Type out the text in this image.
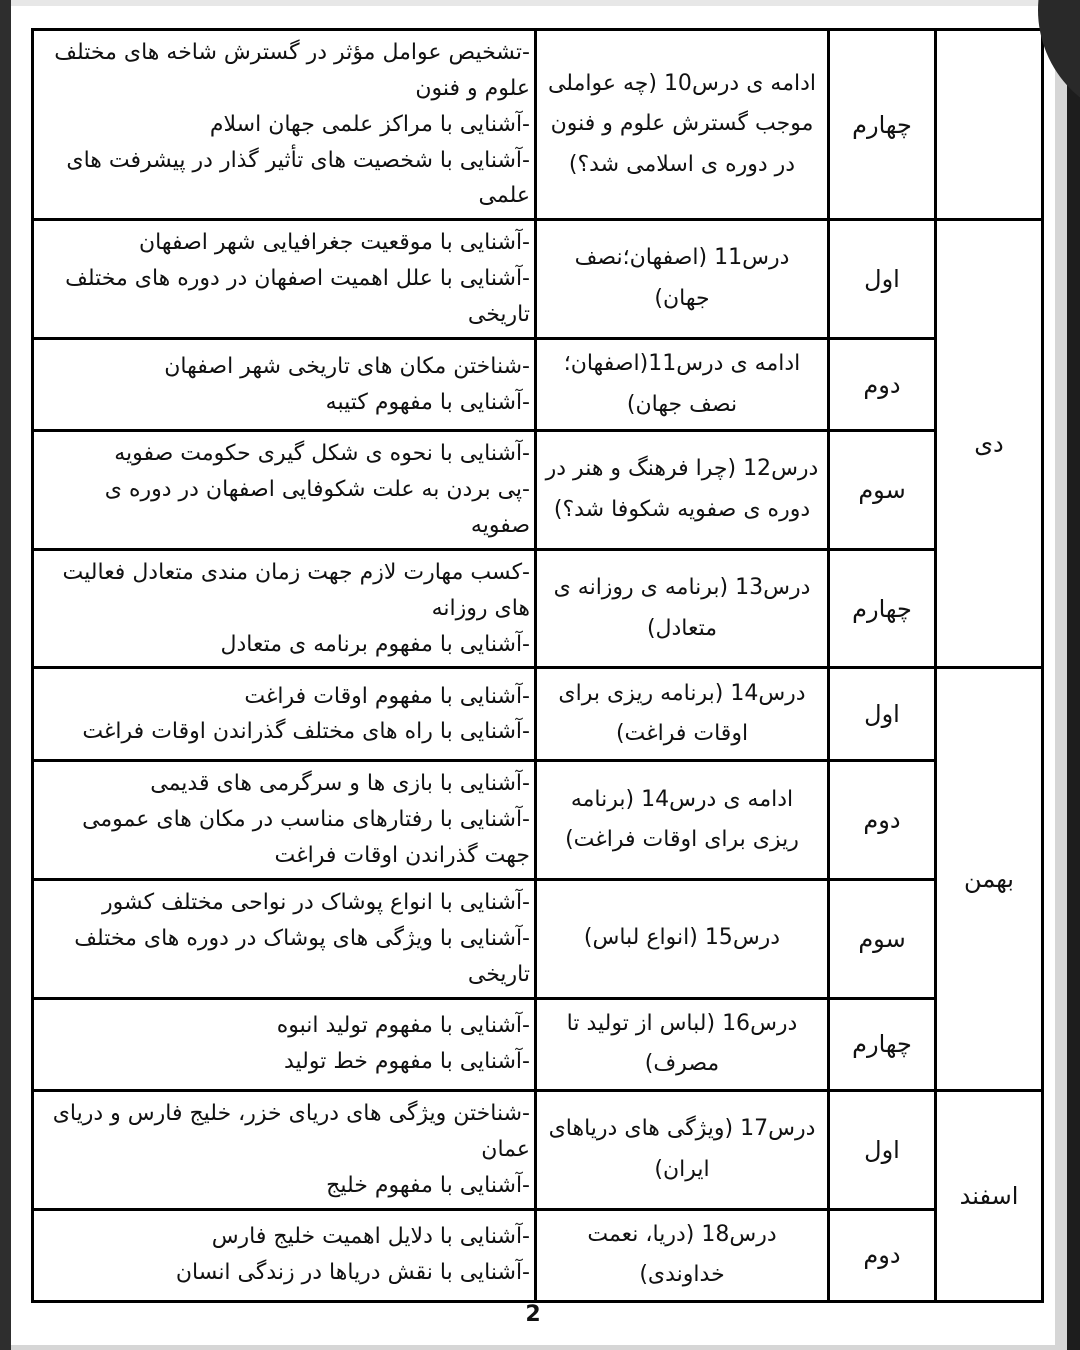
	چهارم	ادامه ی درس10 (چه عواملی موجب گسترش علوم و فنون در دوره ی اسلامی شد؟)	-تشخیص عوامل مؤثر در گسترش شاخه های مختلف علوم و فنون
-آشنایی با مراکز علمی جهان اسلام
-آشنایی با شخصیت های تأثیر گذار در پیشرفت های علمی

دی	اول	درس11 (اصفهان؛نصف جهان)	-آشنایی با موقعیت جغرافیایی شهر اصفهان
-آشنایی با علل اهمیت اصفهان در دوره های مختلف تاریخی

	دوم	ادامه ی درس11(اصفهان؛نصف جهان)	-شناختن مکان های تاریخی شهر اصفهان
-آشنایی با مفهوم کتیبه

	سوم	درس12 (چرا فرهنگ و هنر در دوره ی صفویه شکوفا شد؟)	-آشنایی با نحوه ی شکل گیری حکومت صفویه
-پی بردن به علت شکوفایی اصفهان در دوره ی صفویه

	چهارم	درس13 (برنامه ی روزانه ی متعادل)	-کسب مهارت لازم جهت زمان مندی متعادل فعالیت های روزانه
-آشنایی با مفهوم برنامه ی متعادل

بهمن	اول	درس14 (برنامه ریزی برای اوقات فراغت)	-آشنایی با مفهوم اوقات فراغت
-آشنایی با راه های مختلف گذراندن اوقات فراغت

	دوم	ادامه ی درس14 (برنامه ریزی برای اوقات فراغت)	-آشنایی با بازی ها و سرگرمی های قدیمی
-آشنایی با رفتارهای مناسب در مکان های عمومی جهت گذراندن اوقات فراغت

	سوم	درس15 (انواع لباس)	-آشنایی با انواع پوشاک در نواحی مختلف کشور
-آشنایی با ویژگی های پوشاک در دوره های مختلف تاریخی

	چهارم	درس16 (لباس از تولید تا مصرف)	-آشنایی با مفهوم تولید انبوه
-آشنایی با مفهوم خط تولید

اسفند	اول	درس17 (ویژگی های دریاهای ایران)	-شناختن ویژگی های دریای خزر، خلیج فارس و دریای عمان
-آشنایی با مفهوم خلیج

	دوم	درس18 (دریا، نعمت خداوندی)	-آشنایی با دلایل اهمیت خلیج فارس
-آشنایی با نقش دریاها در زندگی انسان
2
